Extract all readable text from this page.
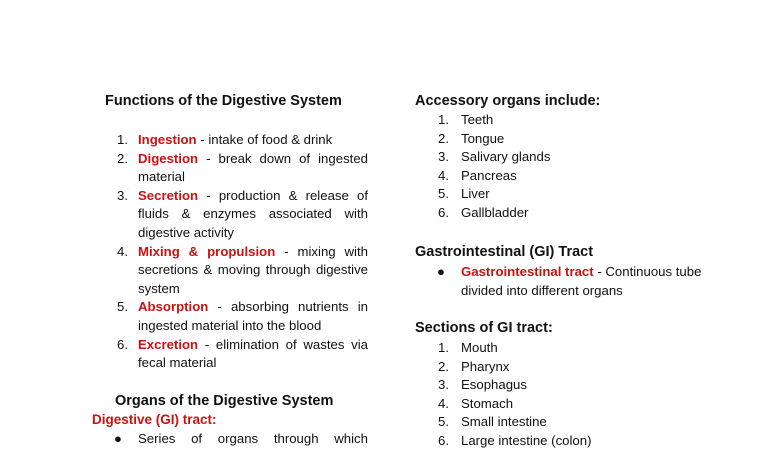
Functions of the Digestive System
1. Ingestion - intake of food & drink
2. Digestion - break down of ingested material
3. Secretion - production & release of fluids & enzymes associated with digestive activity
4. Mixing & propulsion - mixing with secretions & moving through digestive system
5. Absorption - absorbing nutrients in ingested material into the blood
6. Excretion - elimination of wastes via fecal material
Organs of the Digestive System
Digestive (GI) tract:
● Series of organs through which
Accessory organs include:
1. Teeth
2. Tongue
3. Salivary glands
4. Pancreas
5. Liver
6. Gallbladder
Gastrointestinal (GI) Tract
● Gastrointestinal tract - Continuous tube divided into different organs
Sections of GI tract:
1. Mouth
2. Pharynx
3. Esophagus
4. Stomach
5. Small intestine
6. Large intestine (colon)
